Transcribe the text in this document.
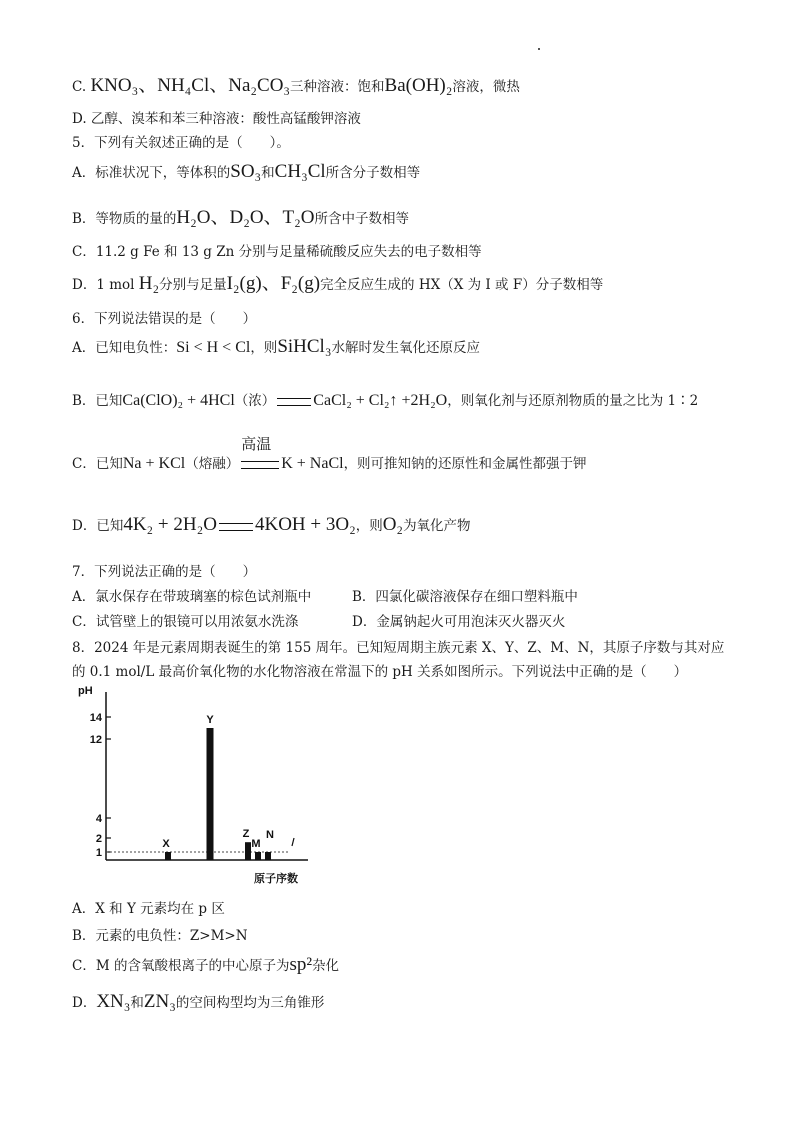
C. KNO₃、NH₄Cl、Na₂CO₃三种溶液：饱和Ba(OH)₂溶液，微热
D. 乙醇、溴苯和苯三种溶液：酸性高锰酸钾溶液
5．下列有关叙述正确的是（　　）。
A．标准状况下，等体积的SO₃和CH₃Cl所含分子数相等
B．等物质的量的H₂O、D₂O、T₂O所含中子数相等
C．11.2 g Fe 和 13 g Zn 分别与足量稀硫酸反应失去的电子数相等
D．1 mol H₂分别与足量I₂(g)、F₂(g)完全反应生成的 HX（X 为 I 或 F）分子数相等
6．下列说法错误的是（　　）
A．已知电负性：Si < H < Cl，则SiHCl₃水解时发生氧化还原反应
B．已知Ca(ClO)₂ + 4HCl（浓） CaCl₂ + Cl₂↑ +2H₂O，则氧化剂与还原剂物质的量之比为 1∶2
C．已知Na + KCl（熔融）
高温
K + NaCl，则可推知钠的还原性和金属性都强于钾
D．已知4K₂ + 2H₂O 4KOH + 3O₂，则O₂为氧化产物
7．下列说法正确的是（　　）
A．氯水保存在带玻璃塞的棕色试剂瓶中	B．四氯化碳溶液保存在细口塑料瓶中
C．试管壁上的银镜可以用浓氨水洗涤	D．金属钠起火可用泡沫灭火器灭火
8．2024 年是元素周期表诞生的第 155 周年。已知短周期主族元素 X、Y、Z、M、N，其原子序数与其对应
的 0.1 mol/L 最高价氧化物的水化物溶液在常温下的 pH 关系如图所示。下列说法中正确的是（　　）
pH
原子序数
1
2
4
12
14
X
Y
Z
M
N
A．X 和 Y 元素均在 p 区
B．元素的电负性：Z>M>N
C．M 的含氧酸根离子的中心原子为sp²杂化
D．XN₃和ZN₃的空间构型均为三角锥形
